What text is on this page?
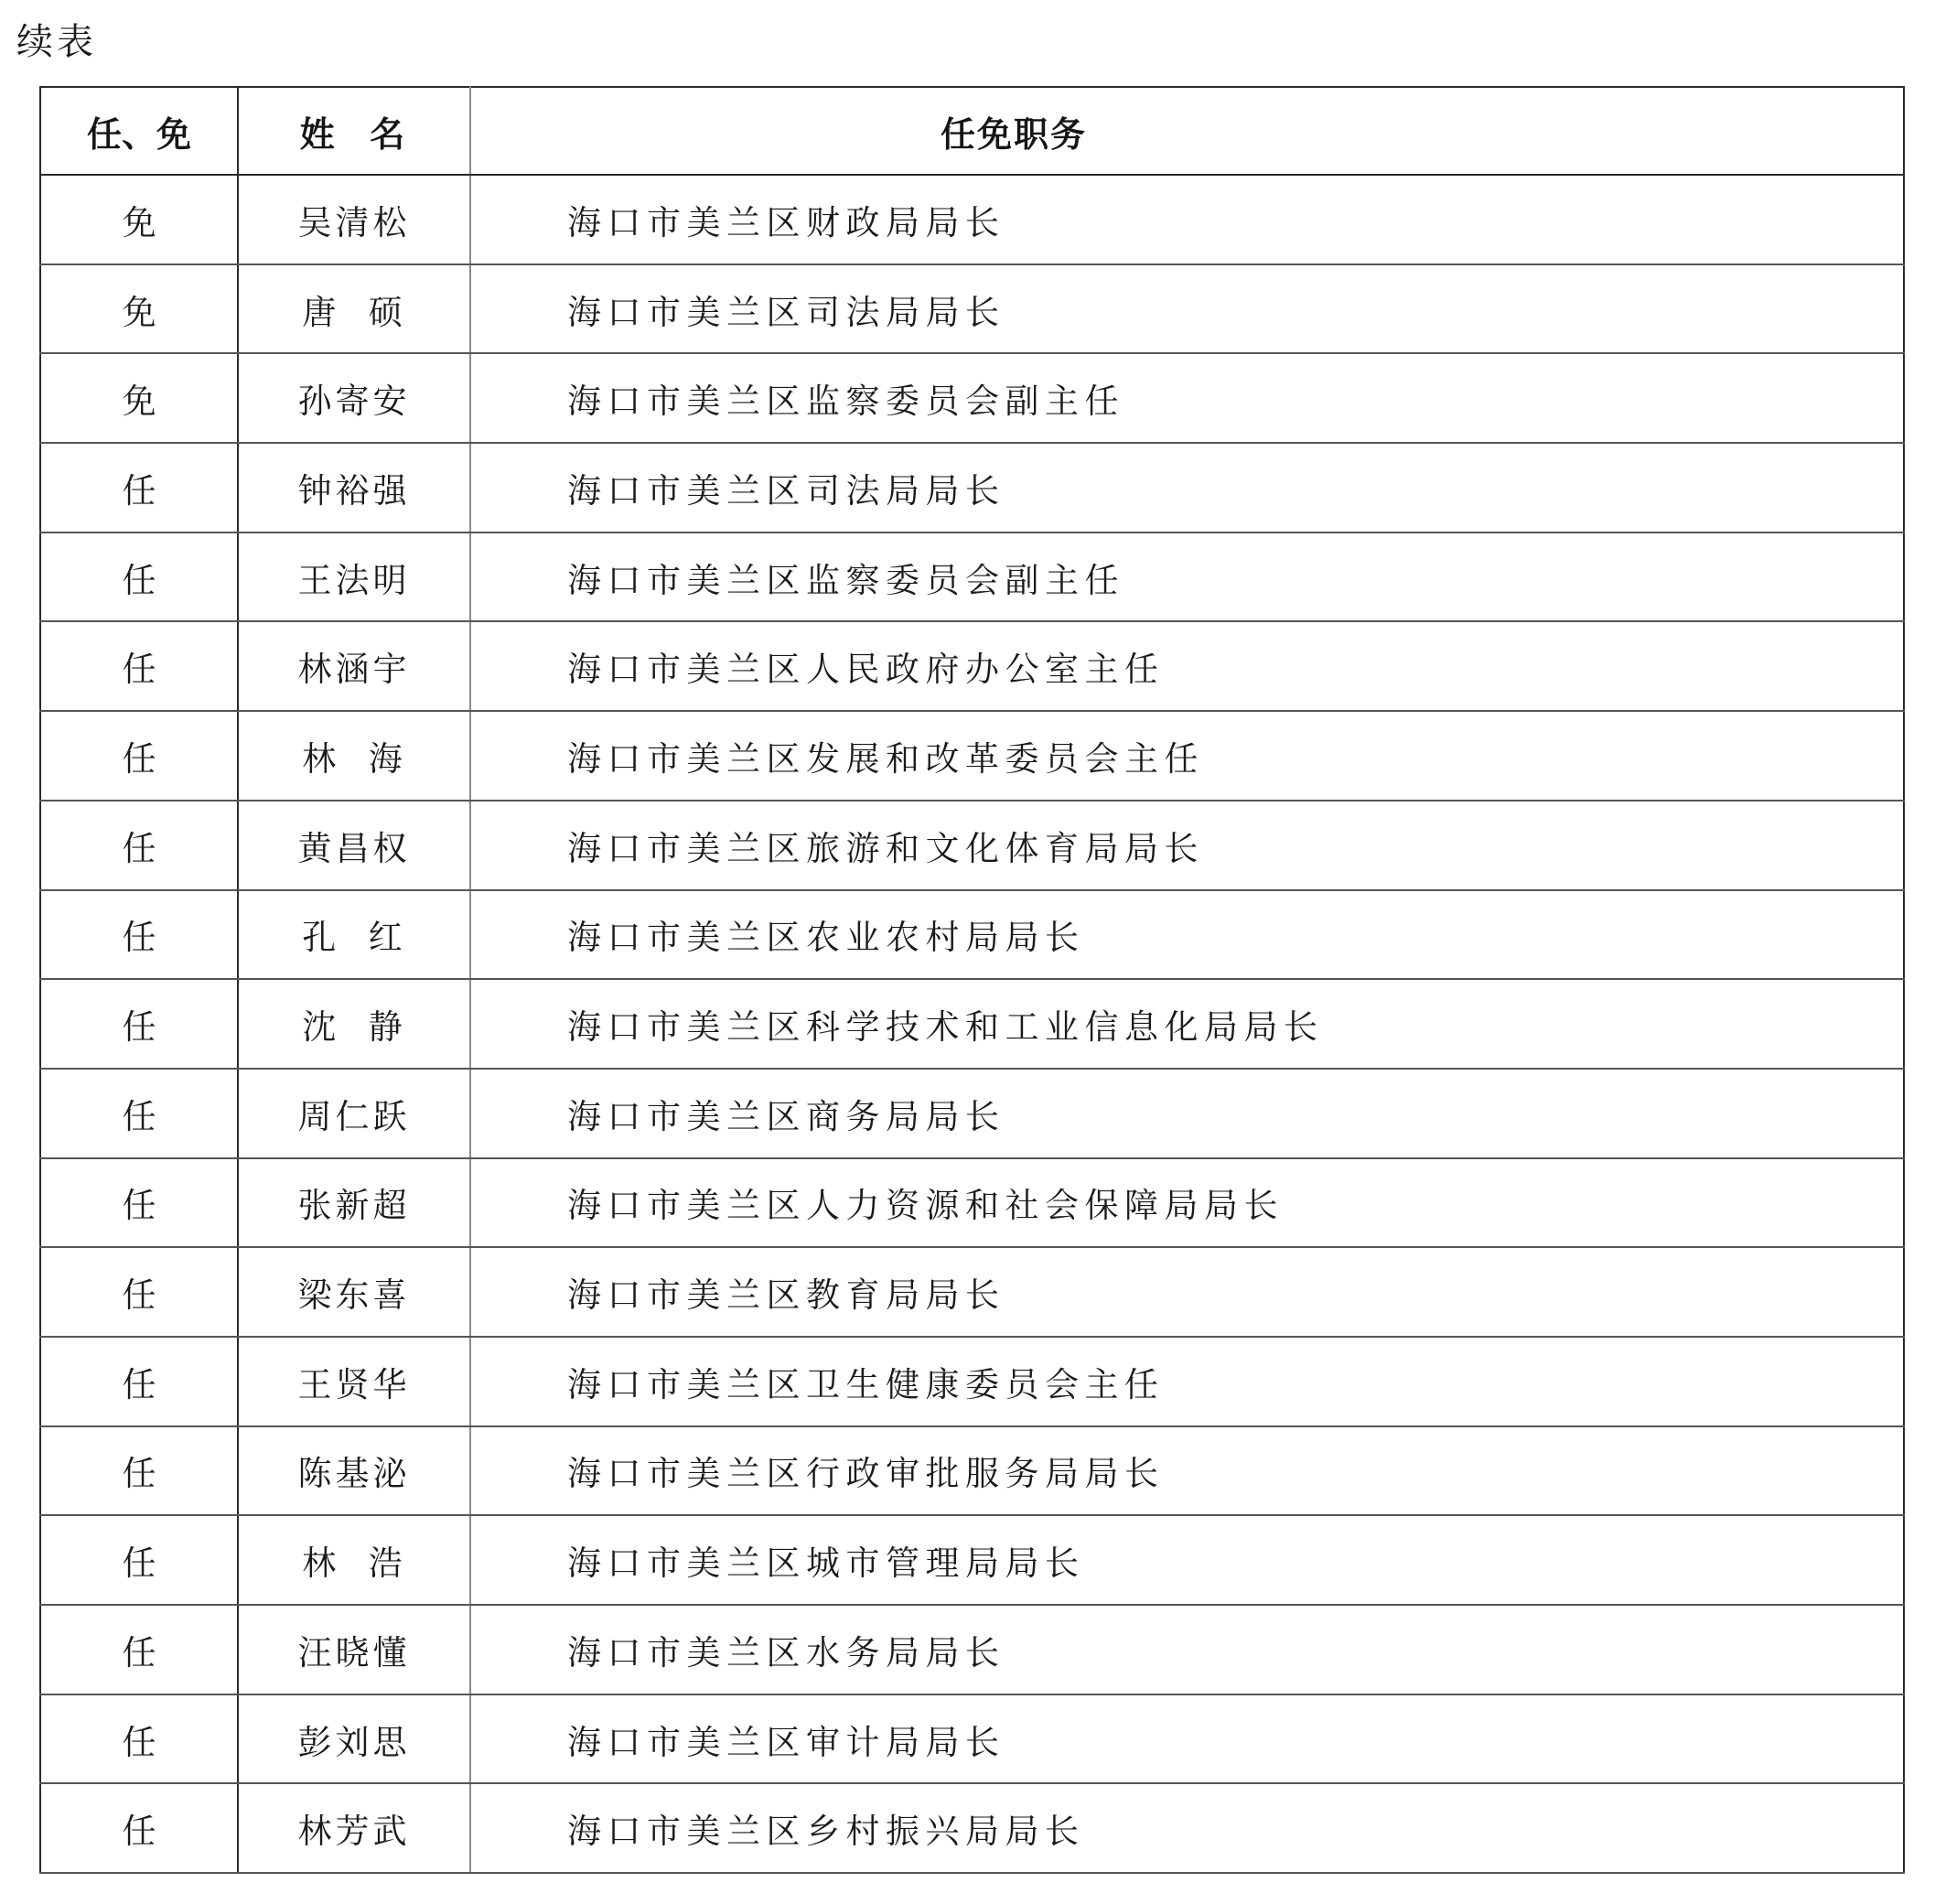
续表
任、免	姓  名	任免职务
免	吴清松	海口市美兰区财政局局长
免	唐  硕	海口市美兰区司法局局长
免	孙寄安	海口市美兰区监察委员会副主任
任	钟裕强	海口市美兰区司法局局长
任	王法明	海口市美兰区监察委员会副主任
任	林涵宇	海口市美兰区人民政府办公室主任
任	林  海	海口市美兰区发展和改革委员会主任
任	黄昌权	海口市美兰区旅游和文化体育局局长
任	孔  红	海口市美兰区农业农村局局长
任	沈  静	海口市美兰区科学技术和工业信息化局局长
任	周仁跃	海口市美兰区商务局局长
任	张新超	海口市美兰区人力资源和社会保障局局长
任	梁东喜	海口市美兰区教育局局长
任	王贤华	海口市美兰区卫生健康委员会主任
任	陈基泌	海口市美兰区行政审批服务局局长
任	林  浩	海口市美兰区城市管理局局长
任	汪晓懂	海口市美兰区水务局局长
任	彭刘思	海口市美兰区审计局局长
任	林芳武	海口市美兰区乡村振兴局局长
